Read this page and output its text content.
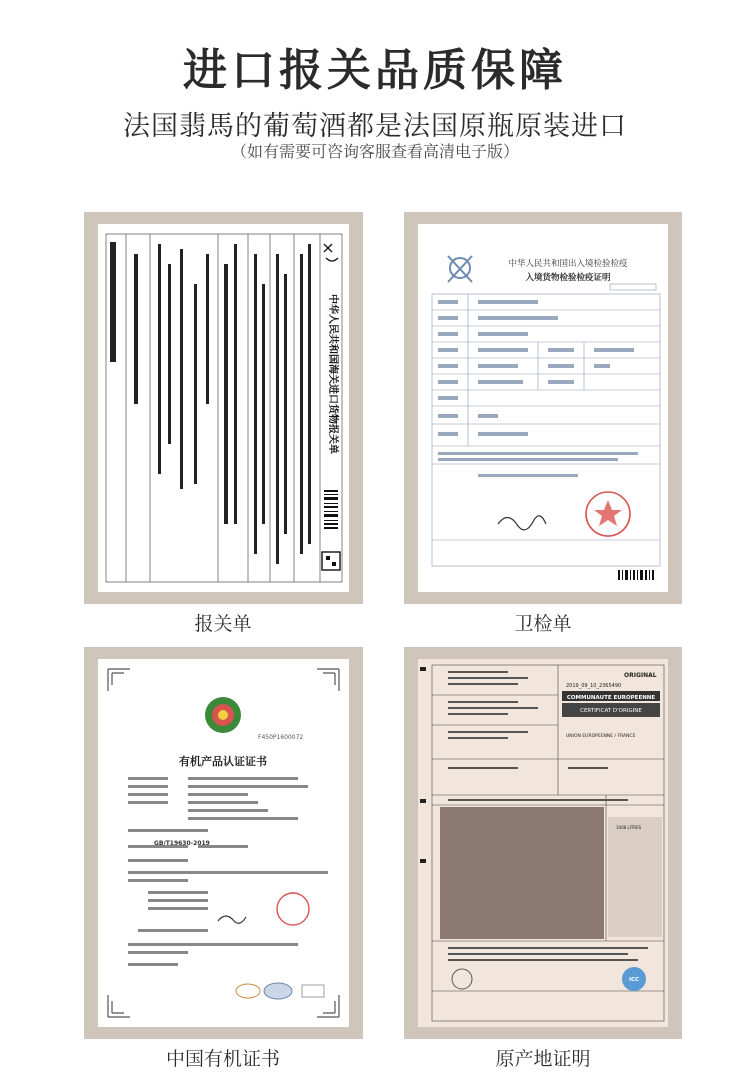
进口报关品质保障
法国翡馬的葡萄酒都是法国原瓶原装进口
（如有需要可咨询客服查看高清电子版）
中华人民共和国海关进口货物报关单
报关单
中华人民共和国出入境检验检疫
入境货物检验检疫证明
卫检单
F450P1600072
有机产品认证证书
GB/T19630-2019
中国有机证书
ORIGINAL
2019_09_10_2365490
COMMUNAUTE EUROPEENNE
CERTIFICAT D'ORIGINE
UNION EUROPEENNE / FRANCE
1008 LITRES
ICC
原产地证明
